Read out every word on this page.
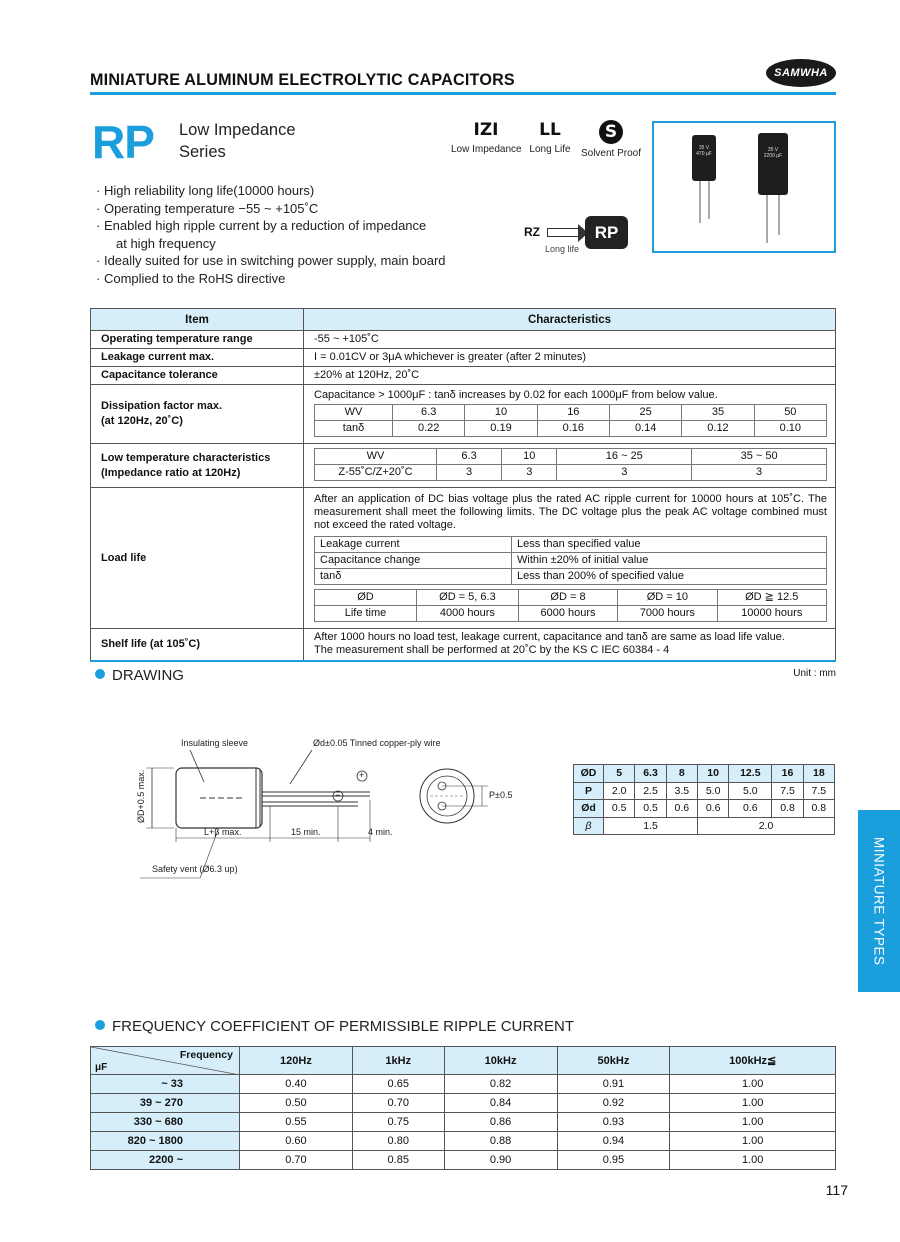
MINIATURE ALUMINUM ELECTROLYTIC CAPACITORS	SAMWHA
RP Low Impedance
Series
IZI
Low Impedance
LL
Long Life
S
Solvent Proof	35 V
470 μF
35 V
2200 μF
· High reliability long life(10000 hours)
· Operating temperature −55 ~ +105˚C
· Enabled high ripple current by a reduction of impedance
at high frequency
· Ideally suited for use in switching power supply, main board
· Complied to the RoHS directive
RZ	RP
Long life
Item	Characteristics
Operating temperature range	-55 ~ +105˚C
Leakage current max.	I = 0.01CV or 3μA whichever is greater (after 2 minutes)
Capacitance tolerance	±20% at 120Hz, 20˚C

Dissipation factor max.
(at 120Hz, 20˚C)

Capacitance > 1000μF : tanδ increases by 0.02 for each 1000μF from below value.
WV	6.3	10	16	25	35	50
tanδ	0.22	0.19	0.16	0.14	0.12	0.10

Low temperature characteristics
(Impedance ratio at 120Hz)

WV	6.3	10	16 ~ 25	35 ~ 50
Z-55˚C/Z+20˚C	3	3	3	3

Load life	
After an application of DC bias voltage plus the rated AC ripple current for 10000 hours at 105˚C. The measurement shall meet the following limits. The DC voltage plus the peak AC voltage combined must not exceed the rated voltage.
Leakage current	Less than specified value
Capacitance change	Within ±20% of initial value
tanδ	Less than 200% of specified value
ØD	ØD = 5, 6.3	ØD = 8	ØD = 10	ØD ≧ 12.5
Life time	4000 hours	6000 hours	7000 hours	10000 hours

Shelf life (at 105˚C)	
After 1000 hours no load test, leakage current, capacitance and tanδ are same as load life value.
The measurement shall be performed at 20˚C by the KS C IEC 60384 - 4
DRAWING	Unit : mm
Insulating sleeve	Ød±0.05 Tinned copper-ply wire
ØD+0.5 max.
L+β max.	15 min.	4 min.
Safety vent (Ø6.3 up)
P±0.5
+
−
ØD	5	6.3	8	10	12.5	16	18
P	2.0	2.5	3.5	5.0	5.0	7.5	7.5
Ød	0.5	0.5	0.6	0.6	0.6	0.8	0.8
β	1.5			2.0			
MINIATURE TYPES
FREQUENCY COEFFICIENT OF PERMISSIBLE RIPPLE CURRENT
Frequency
μF	120Hz	1kHz	10kHz	50kHz	100kHz≦
~ 33	0.40	0.65	0.82	0.91	1.00
39 ~ 270	0.50	0.70	0.84	0.92	1.00
330 ~ 680	0.55	0.75	0.86	0.93	1.00
820 ~ 1800	0.60	0.80	0.88	0.94	1.00
2200 ~	0.70	0.85	0.90	0.95	1.00
117
